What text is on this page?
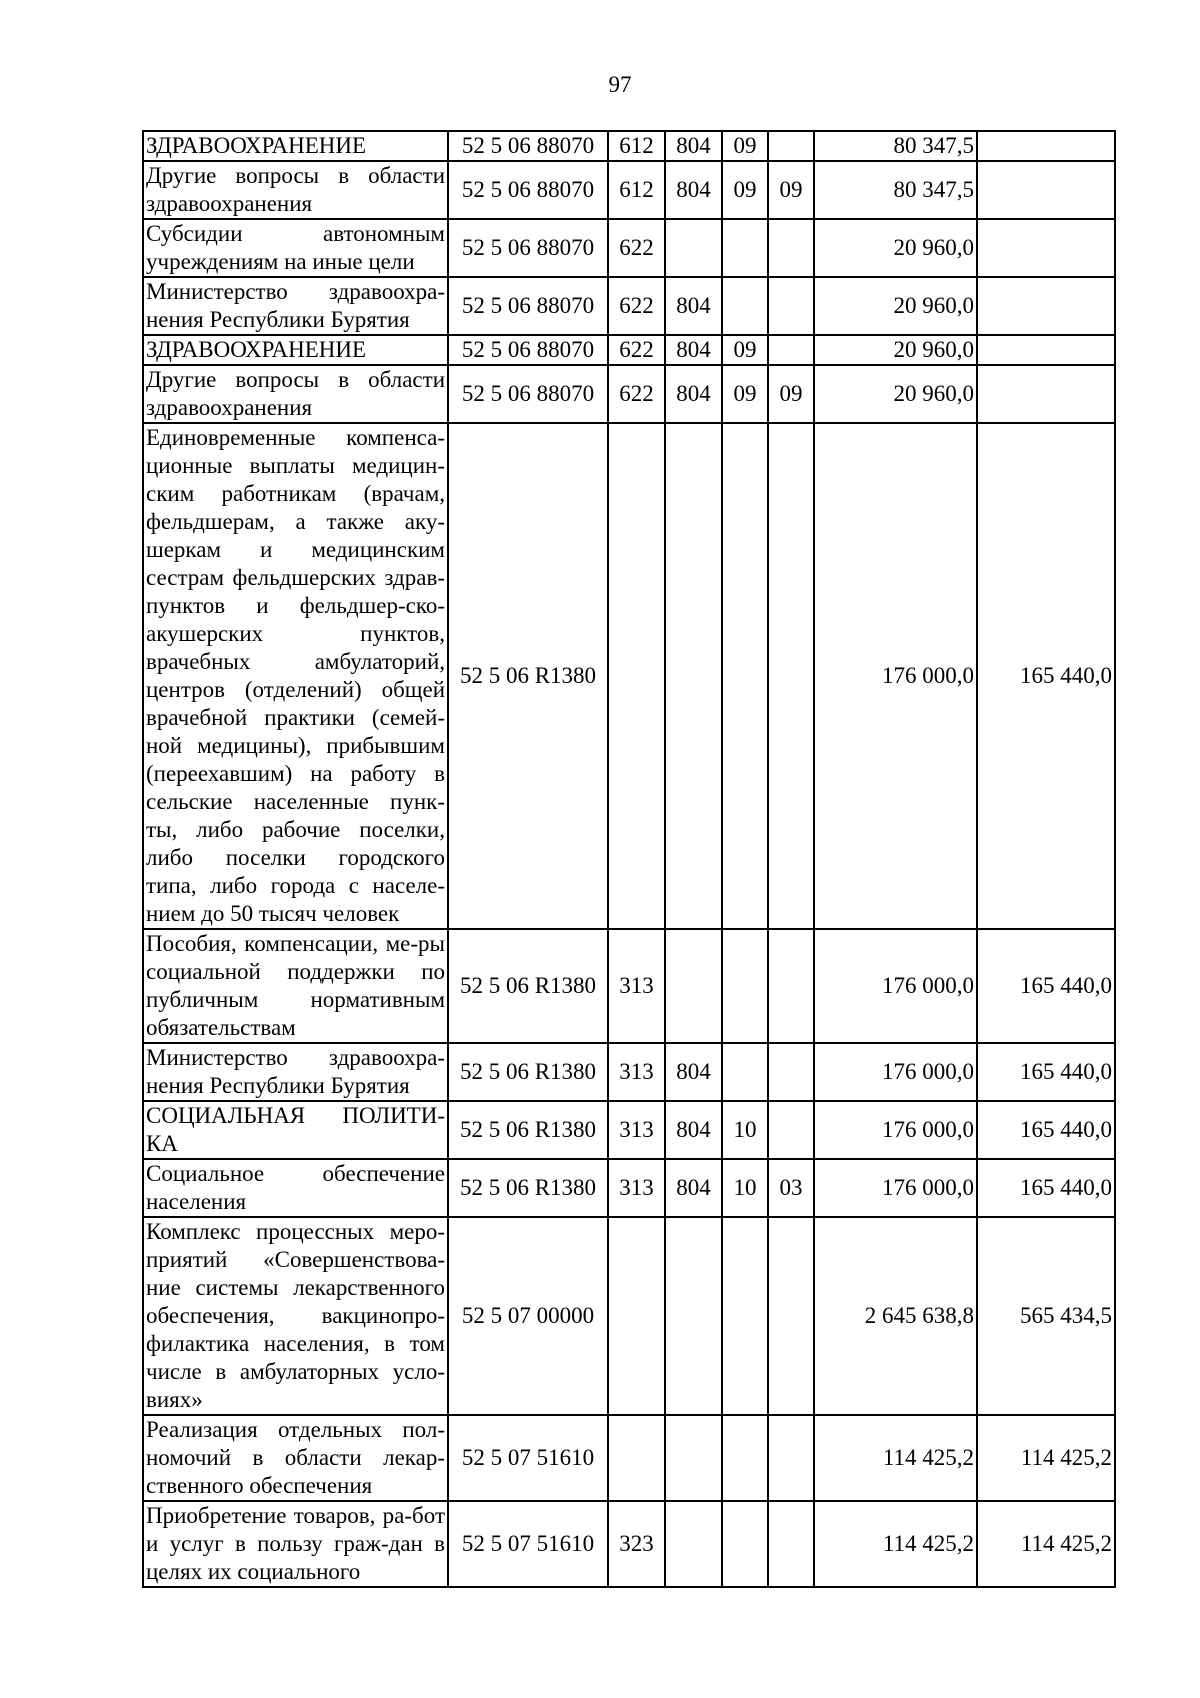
97
ЗДРАВООХРАНЕНИЕ	52 5 06 88070	612	804	09		80 347,5	
Другие вопросы в области здравоохранения	52 5 06 88070	612	804	09	09	80 347,5	
Субсидии автономным учреждениям на иные цели	52 5 06 88070	622				20 960,0	
Министерство здравоохра-нения Республики Бурятия	52 5 06 88070	622	804			20 960,0	
ЗДРАВООХРАНЕНИЕ	52 5 06 88070	622	804	09		20 960,0	
Другие вопросы в области здравоохранения	52 5 06 88070	622	804	09	09	20 960,0	
Единовременные компенса-ционные выплаты медицин-ским работникам (врачам, фельдшерам, а также аку-шеркам и медицинским сестрам фельдшерских здрав-пунктов и фельдшер-ско-акушерских пунктов, врачебных амбулаторий, центров (отделений) общей врачебной практики (семей-ной медицины), прибывшим (переехавшим) на работу в сельские населенные пунк-ты, либо рабочие поселки, либо поселки городского типа, либо города с населе-нием до 50 тысяч человек	52 5 06 R1380					176 000,0	165 440,0
Пособия, компенсации, ме-ры социальной поддержки по публичным нормативным обязательствам	52 5 06 R1380	313				176 000,0	165 440,0
Министерство здравоохра-нения Республики Бурятия	52 5 06 R1380	313	804			176 000,0	165 440,0
СОЦИАЛЬНАЯ ПОЛИТИ-КА	52 5 06 R1380	313	804	10		176 000,0	165 440,0
Социальное обеспечение населения	52 5 06 R1380	313	804	10	03	176 000,0	165 440,0
Комплекс процессных меро-приятий «Совершенствова-ние системы лекарственного обеспечения, вакцинопро-филактика населения, в том числе в амбулаторных усло-виях»	52 5 07 00000					2 645 638,8	565 434,5
Реализация отдельных пол-номочий в области лекар-ственного обеспечения	52 5 07 51610					114 425,2	114 425,2
Приобретение товаров, ра-бот и услуг в пользу граж-дан в целях их социального	52 5 07 51610	323				114 425,2	114 425,2
